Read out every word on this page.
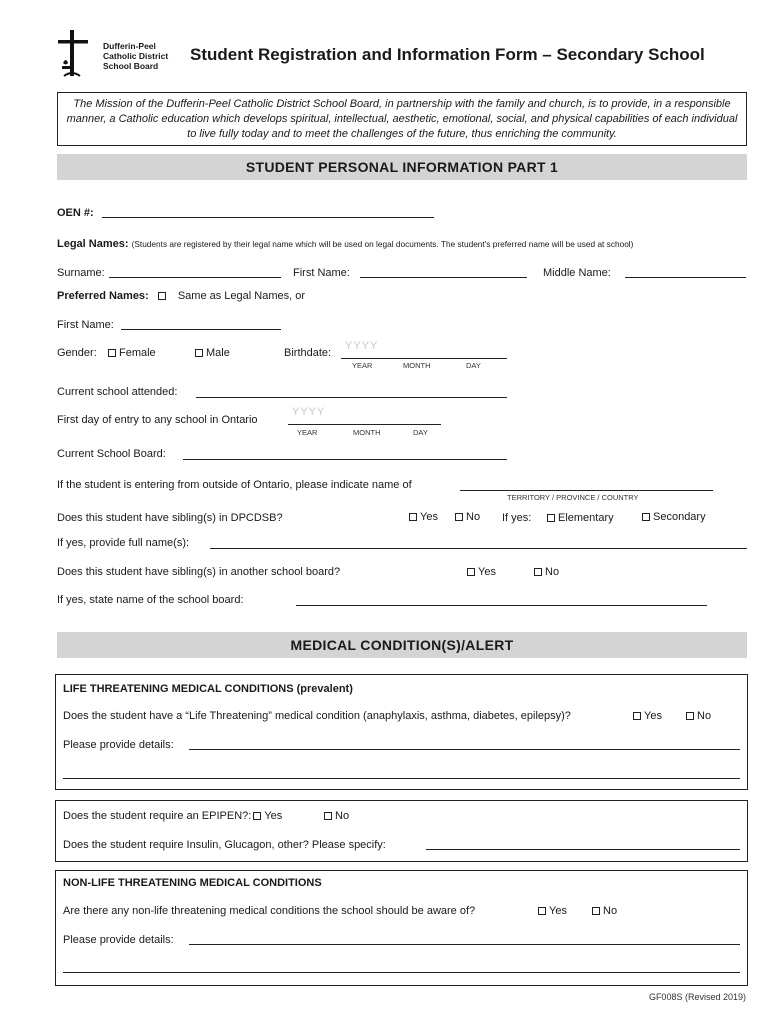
Dufferin-Peel
Catholic District
School Board
Student Registration and Information Form – Secondary School
The Mission of the Dufferin-Peel Catholic District School Board, in partnership with the family and church, is to provide, in a responsible manner, a Catholic education which develops spiritual, intellectual, aesthetic, emotional, social, and physical capabilities of each individual to live fully today and to meet the challenges of the future, thus enriching the community.
STUDENT PERSONAL INFORMATION PART 1
OEN #:
Legal Names: (Students are registered by their legal name which will be used on legal documents. The student's preferred name will be used at school)
Surname:	First Name:	Middle Name:
Preferred Names:	Same as Legal Names, or
First Name:
Gender:	Female	Male	Birthdate:
YYYY
YEAR	MONTH	DAY
Current school attended:
First day of entry to any school in Ontario
YYYY
YEAR	MONTH	DAY
Current School Board:
If the student is entering from outside of Ontario, please indicate name of
TERRITORY / PROVINCE / COUNTRY
Does this student have sibling(s) in DPCDSB?	Yes	No If yes:	Elementary	Secondary
If yes, provide full name(s):
Does this student have sibling(s) in another school board?	Yes	No
If yes, state name of the school board:
MEDICAL CONDITION(S)/ALERT
LIFE THREATENING MEDICAL CONDITIONS (prevalent)
Does the student have a “Life Threatening” medical condition (anaphylaxis, asthma, diabetes, epilepsy)?	Yes	No
Please provide details:
Does the student require an EPIPEN?: Yes	No
Does the student require Insulin, Glucagon, other? Please specify:
NON-LIFE THREATENING MEDICAL CONDITIONS
Are there any non-life threatening medical conditions the school should be aware of?	Yes	No
Please provide details:
GF008S (Revised 2019)
